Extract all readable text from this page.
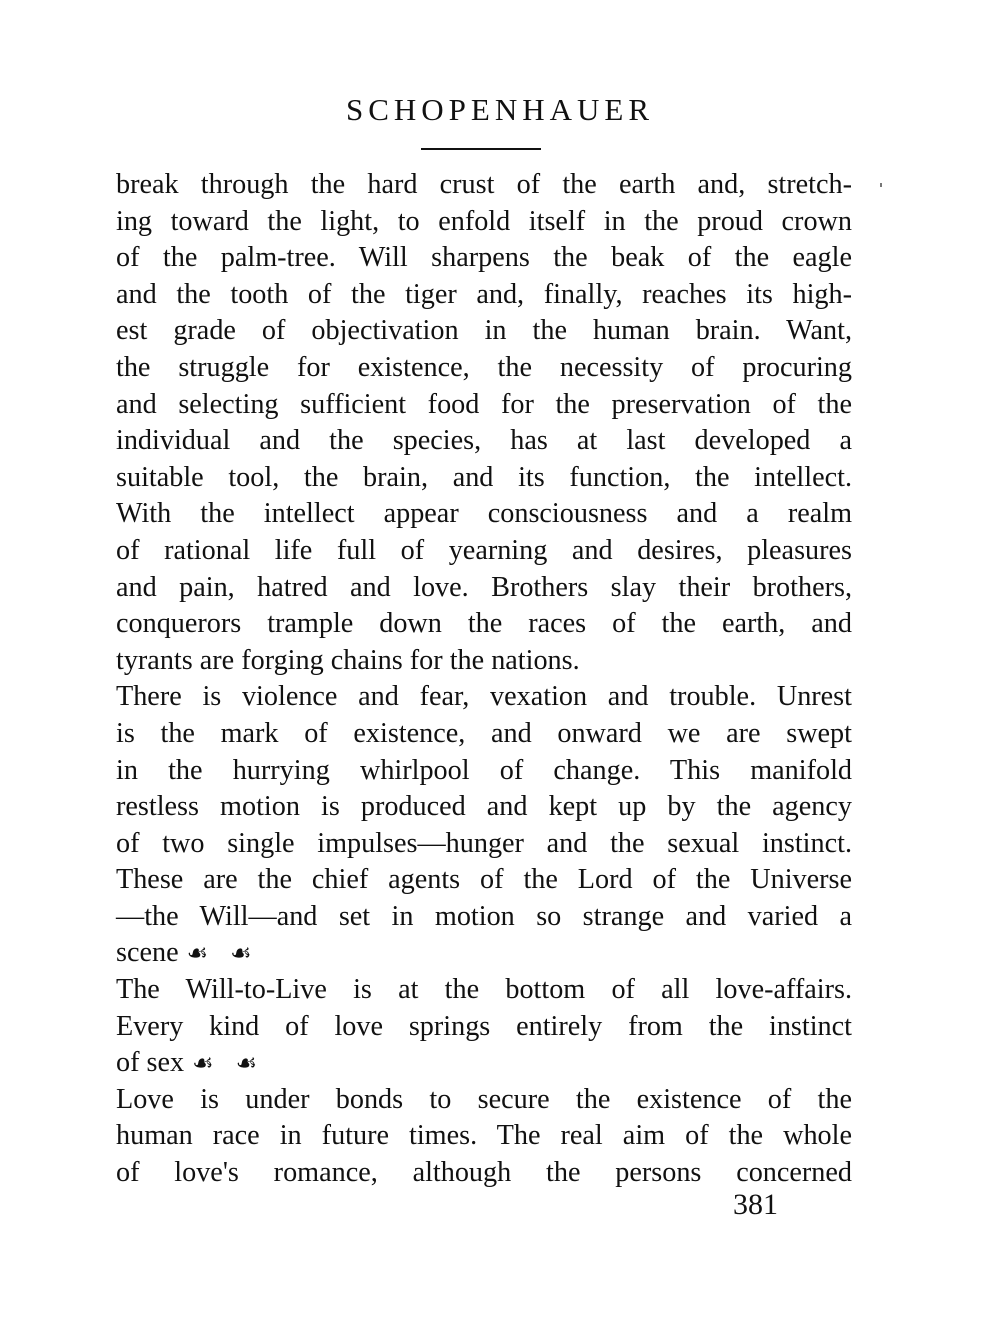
SCHOPENHAUER
break through the hard crust of the earth and, stretch-
ing toward the light, to enfold itself in the proud crown
of the palm-tree. Will sharpens the beak of the eagle
and the tooth of the tiger and, finally, reaches its high-
est grade of objectivation in the human brain. Want,
the struggle for existence, the necessity of procuring
and selecting sufficient food for the preservation of the
individual and the species, has at last developed a
suitable tool, the brain, and its function, the intellect.
With the intellect appear consciousness and a realm
of rational life full of yearning and desires, pleasures
and pain, hatred and love. Brothers slay their brothers,
conquerors trample down the races of the earth, and
tyrants are forging chains for the nations.
There is violence and fear, vexation and trouble. Unrest
is the mark of existence, and onward we are swept
in the hurrying whirlpool of change. This manifold
restless motion is produced and kept up by the agency
of two single impulses—hunger and the sexual instinct.
These are the chief agents of the Lord of the Universe
—the Will—and set in motion so strange and varied a
scene ☙ ☙
The Will-to-Live is at the bottom of all love-affairs.
Every kind of love springs entirely from the instinct
of sex ☙ ☙
Love is under bonds to secure the existence of the
human race in future times. The real aim of the whole
of love's romance, although the persons concerned
381
